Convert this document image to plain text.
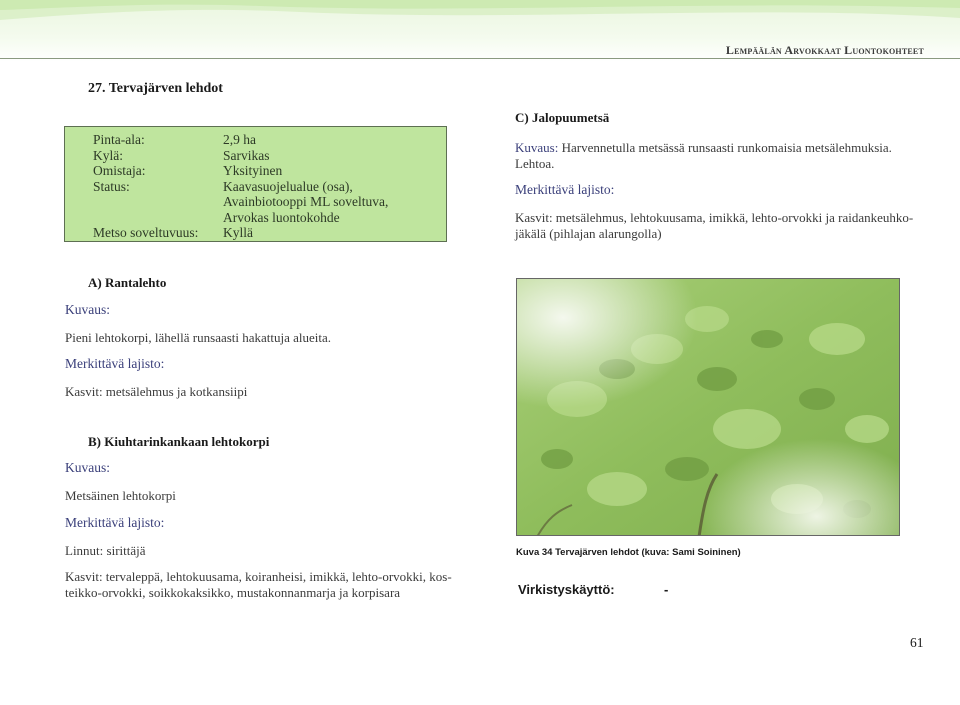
Lempäälän Arvokkaat Luontokohteet
27. Tervajärven lehdot
Pinta-ala:	2,9 ha
Kylä:	Sarvikas
Omistaja:	Yksityinen
Status:	Kaavasuojelualue (osa),
Avainbiotooppi ML soveltuva,
Arvokas luontokohde
Metso soveltuvuus: Kyllä
C) Jalopuumetsä
Kuvaus: Harvennetulla metsässä runsaasti runkomaisia metsälehmuksia.
Lehtoa.
Merkittävä lajisto:
Kasvit: metsälehmus, lehtokuusama, imikkä, lehto-orvokki ja raidankeuhko-
jäkälä (pihlajan alarungolla)
A) Rantalehto
Kuvaus:
Pieni lehtokorpi, lähellä runsaasti hakattuja alueita.
Merkittävä lajisto:
Kasvit: metsälehmus ja kotkansiipi
B) Kiuhtarinkankaan lehtokorpi
Kuvaus:
Metsäinen lehtokorpi
Merkittävä lajisto:
Linnut: sirittäjä
Kasvit: tervaleppä, lehtokuusama, koiranheisi, imikkä, lehto-orvokki, kos-
teikko-orvokki, soikkokaksikko, mustakonnanmarja ja korpisara
Kuva 34 Tervajärven lehdot (kuva: Sami Soininen)
Virkistyskäyttö:	-
61
